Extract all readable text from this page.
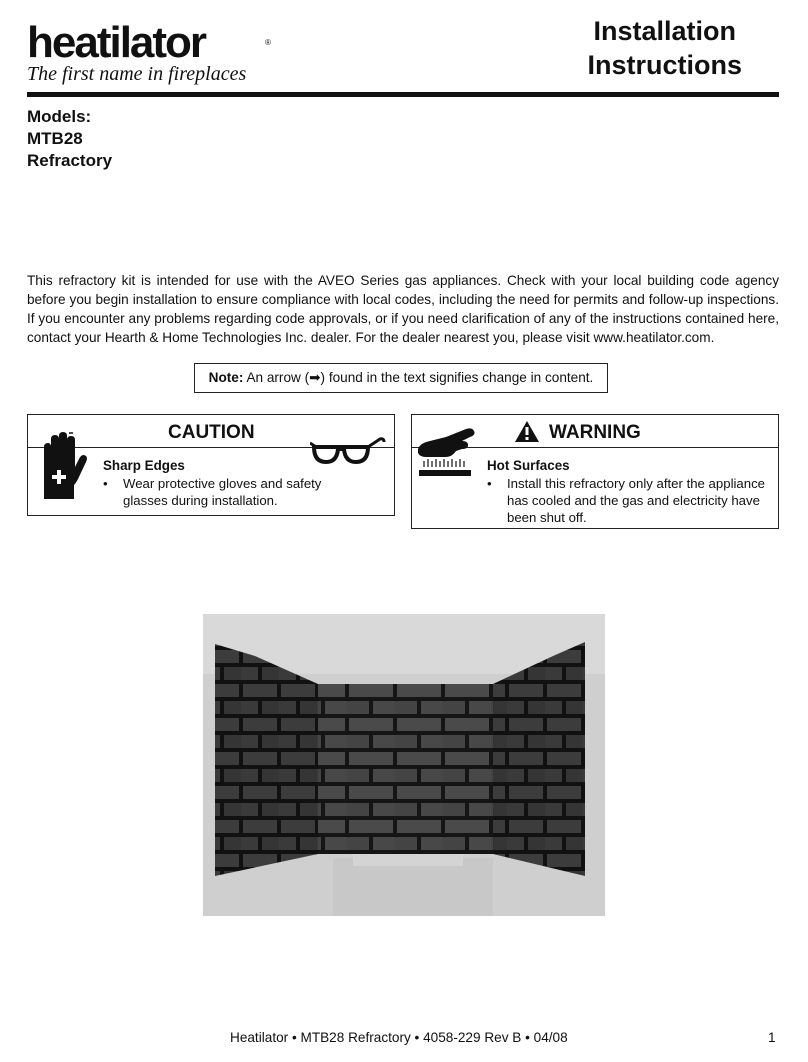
heatilator	®
The first name in fireplaces
Installation
Instructions
Models:
MTB28
Refractory
This refractory kit is intended for use with the AVEO Series gas appliances. Check with your local building code agency before you begin installation to ensure compliance with local codes, including the need for permits and follow-up inspections. If you encounter any problems regarding code approvals, or if you need clarification of any of the instructions contained here, contact your Hearth & Home Technologies Inc. dealer. For the dealer nearest you, please visit www.heatilator.com.
Note: An arrow (➡) found in the text signifies change in content.
CAUTION
Sharp Edges
• Wear protective gloves and safety glasses during installation.
WARNING
Hot Surfaces
• Install this refractory only after the appliance has cooled and the gas and electricity have been shut off.
Heatilator • MTB28 Refractory • 4058-229 Rev B • 04/08	1
